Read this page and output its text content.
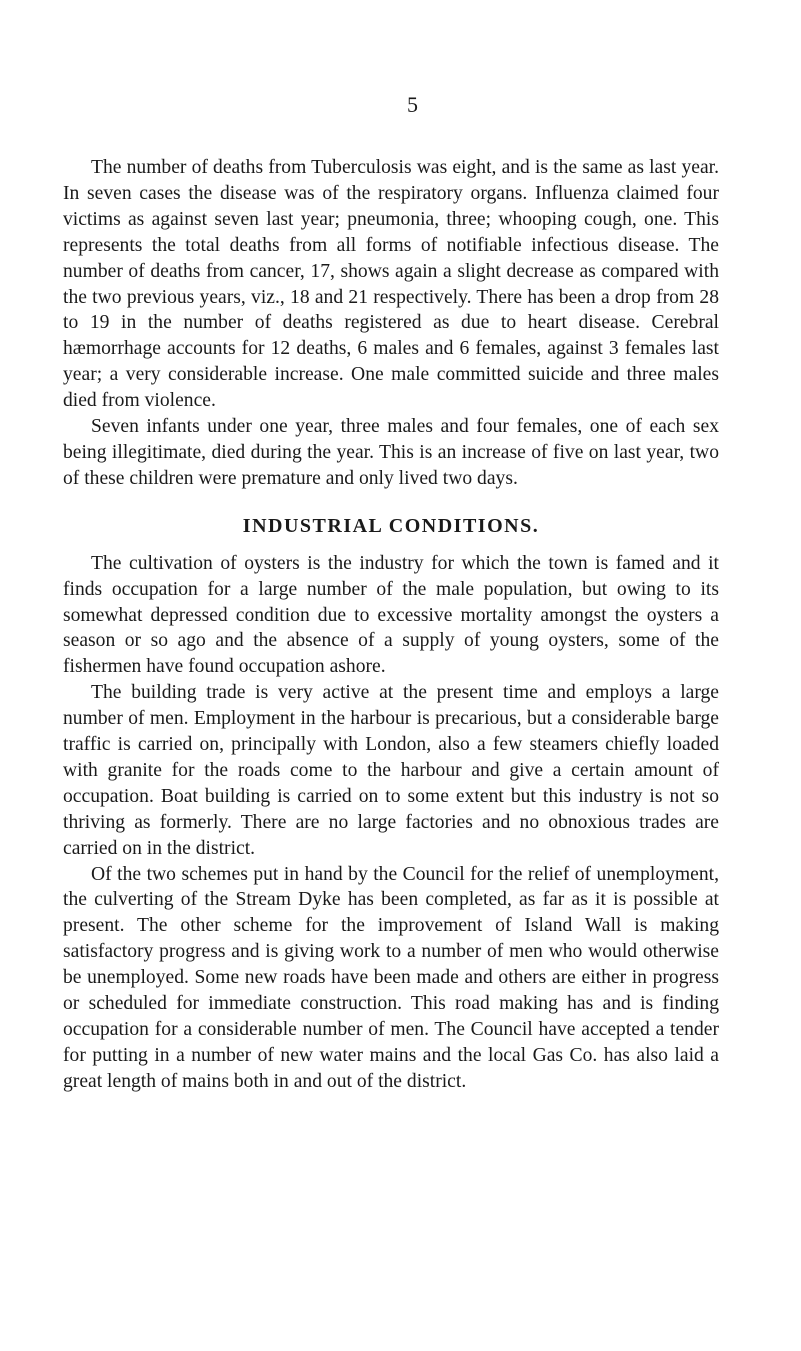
5

The number of deaths from Tuberculosis was eight, and is the same as last year. In seven cases the disease was of the respiratory organs. Influenza claimed four victims as against seven last year; pneumonia, three; whooping cough, one. This represents the total deaths from all forms of notifiable infectious disease. The number of deaths from cancer, 17, shows again a slight decrease as compared with the two previous years, viz., 18 and 21 respectively. There has been a drop from 28 to 19 in the number of deaths registered as due to heart disease. Cerebral hæmorrhage accounts for 12 deaths, 6 males and 6 females, against 3 females last year; a very considerable increase. One male committed suicide and three males died from violence.

Seven infants under one year, three males and four females, one of each sex being illegitimate, died during the year. This is an increase of five on last year, two of these children were premature and only lived two days.

INDUSTRIAL CONDITIONS.

The cultivation of oysters is the industry for which the town is famed and it finds occupation for a large number of the male population, but owing to its somewhat depressed condition due to excessive mortality amongst the oysters a season or so ago and the absence of a supply of young oysters, some of the fishermen have found occupation ashore.

The building trade is very active at the present time and employs a large number of men. Employment in the harbour is precarious, but a considerable barge traffic is carried on, principally with London, also a few steamers chiefly loaded with granite for the roads come to the harbour and give a certain amount of occupation. Boat building is carried on to some extent but this industry is not so thriving as formerly. There are no large factories and no obnoxious trades are carried on in the district.

Of the two schemes put in hand by the Council for the relief of unemployment, the culverting of the Stream Dyke has been completed, as far as it is possible at present. The other scheme for the improvement of Island Wall is making satisfactory progress and is giving work to a number of men who would otherwise be unemployed. Some new roads have been made and others are either in progress or scheduled for immediate construction. This road making has and is finding occupation for a considerable number of men. The Council have accepted a tender for putting in a number of new water mains and the local Gas Co. has also laid a great length of mains both in and out of the district.
